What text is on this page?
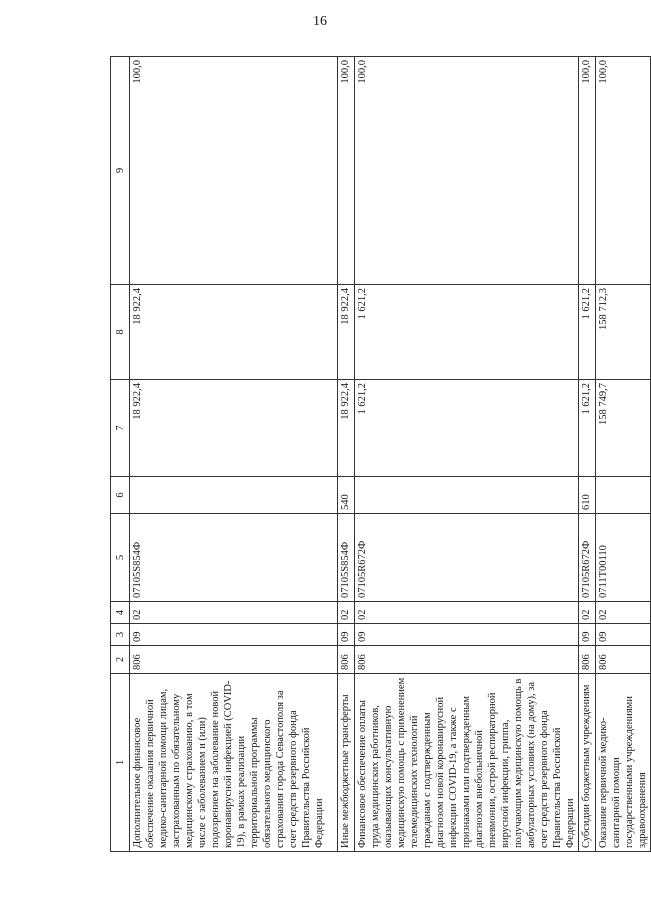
16
1	2	3	4	5	6	7	8	9
Дополнительное финансовое обеспечение оказания первичной медико-санитарной помощи лицам, застрахованным по обязательному медицинскому страхованию, в том числе с заболеванием и (или) подозрением на заболевание новой коронавирусной инфекцией (COVID-19), в рамках реализации территориальной программы обязательного медицинского страхования города Севастополя за счет средств резервного фонда Правительства Российской Федерации	806	09	02	07105S854Ф		18 922,4	18 922,4	100,0
Иные межбюджетные трансферты	806	09	02	07105S854Ф	540	18 922,4	18 922,4	100,0
Финансовое обеспечение оплаты труда медицинских работников, оказывающих консультативную медицинскую помощь с применением телемедицинских технологий гражданам с подтвержденным диагнозом новой коронавирусной инфекции COVID-19, а также с признаками или подтвержденным диагнозом внебольничной пневмонии, острой респираторной вирусной инфекции, гриппа, получающим медицинскую помощь в амбулаторных условиях (на дому), за счет средств резервного фонда Правительства Российской Федерации	806	09	02	07105R672Ф		1 621,2	1 621,2	100,0
Субсидии бюджетным учреждениям	806	09	02	07105R672Ф	610	1 621,2	1 621,2	100,0
Оказание первичной медико-санитарной помощи государственными учреждениями здравоохранения	806	09	02	0711T00110		158 749,7	158 712,3	100,0
